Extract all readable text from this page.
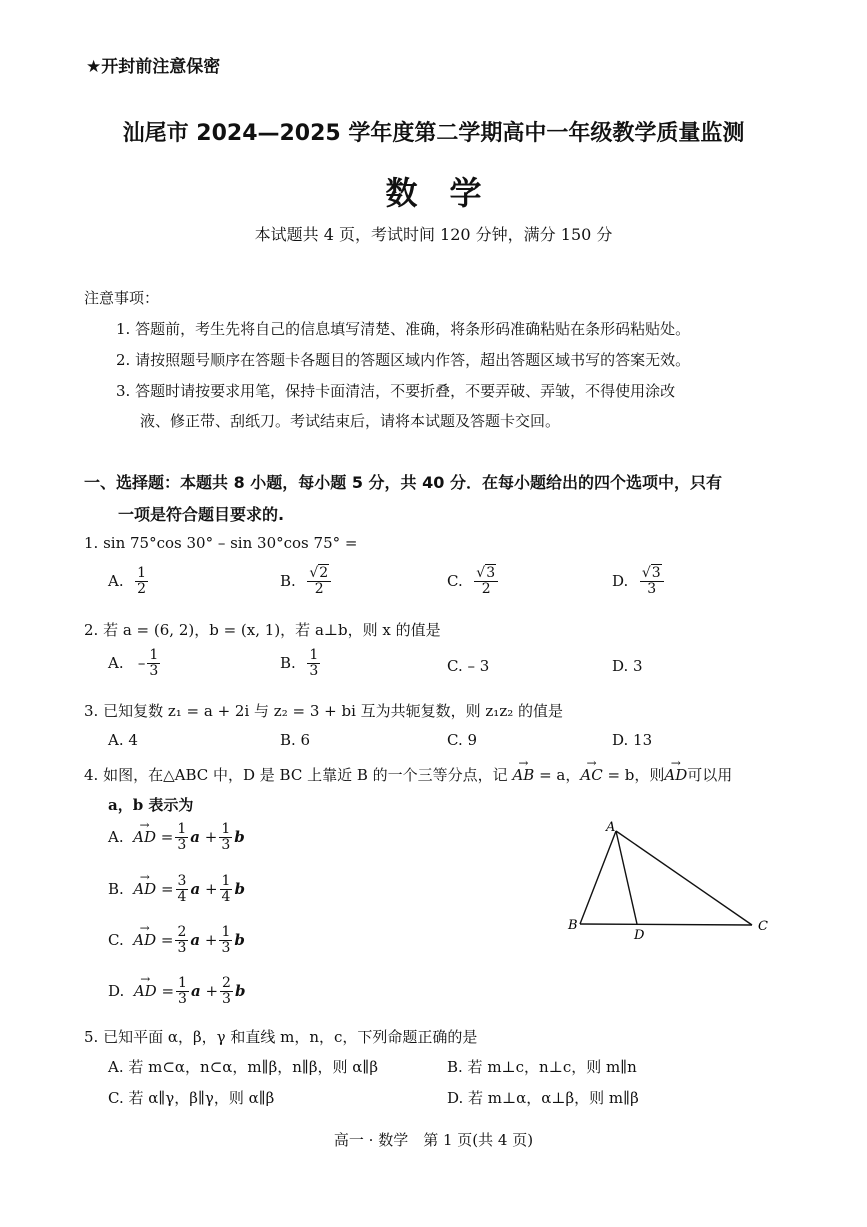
★开封前注意保密
汕尾市 2024—2025 学年度第二学期高中一年级教学质量监测
数　学
本试题共 4 页，考试时间 120 分钟，满分 150 分
注意事项：
1. 答题前，考生先将自己的信息填写清楚、准确，将条形码准确粘贴在条形码粘贴处。
2. 请按照题号顺序在答题卡各题目的答题区域内作答，超出答题区域书写的答案无效。
3. 答题时请按要求用笔，保持卡面清洁，不要折叠，不要弄破、弄皱，不得使用涂改
液、修正带、刮纸刀。考试结束后，请将本试题及答题卡交回。
一、选择题：本题共 8 小题，每小题 5 分，共 40 分．在每小题给出的四个选项中，只有
一项是符合题目要求的.
1. sin 75°cos 30° – sin 30°cos 75° =
A.
$\frac{1}{2}$	B.
$\frac{√2}{2}$	C.
$\frac{√3}{2}$	D.
$\frac{√3}{3}$
2. 若 a = (6, 2)，b = (x, 1)，若 a⊥b，则 x 的值是
A.
– $\frac{1}{3}$	B.
$\frac{1}{3}$	C. – 3	D. 3
3. 已知复数 z₁ = a + 2i 与 z₂ = 3 + bi 互为共轭复数，则 z₁z₂ 的值是
A. 4	B. 6	C. 9	D. 13
4. 如图，在△ABC 中，D 是 BC 上靠近 B 的一个三等分点，记 → AB = a，→ AC = b，则→ AD可以用
a，b 表示为
A.
→ AD = $\frac{1}{3}$ $a + \frac{1}{3}$ b
B.
→ AD = $\frac{3}{4}$ $a + \frac{1}{4}$ b
C.
→ AD = $\frac{2}{3}$ $a + \frac{1}{3}$ b
D.
→ AD = $\frac{1}{3}$ $a + \frac{2}{3}$ b
A
B
D
C
5. 已知平面 α，β，γ 和直线 m，n，c，下列命题正确的是
A. 若 m⊂α，n⊂α，m∥β，n∥β，则 α∥β	B. 若 m⊥c，n⊥c，则 m∥n
C. 若 α∥γ，β∥γ，则 α∥β	D. 若 m⊥α，α⊥β，则 m∥β
高一 · 数学　第 1 页(共 4 页)
